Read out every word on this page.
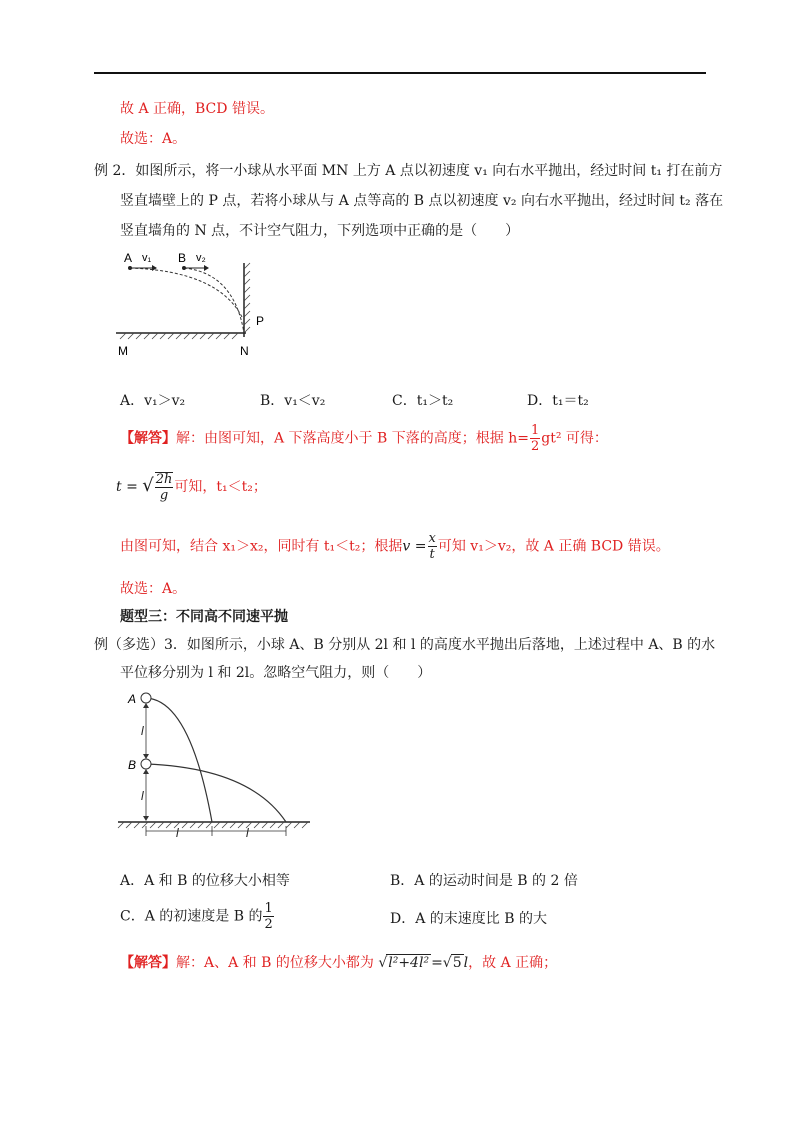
故 A 正确，BCD 错误。
故选：A。
例 2．如图所示，将一小球从水平面 MN 上方 A 点以初速度 v₁ 向右水平抛出，经过时间 t₁ 打在前方
竖直墙壁上的 P 点，若将小球从与 A 点等高的 B 点以初速度 v₂ 向右水平抛出，经过时间 t₂ 落在
竖直墙角的 N 点，不计空气阻力，下列选项中正确的是（　　）
A v₁ B v₂
P
M	N
A．v₁＞v₂	B．v₁＜v₂	C．t₁＞t₂	D．t₁＝t₂
【解答】解：由图可知，A 下落高度小于 B 下落的高度；根据 $h= \frac{1}{2} gt^2$ 可得：
t = √ $\frac{2h}{g}$ 可知，t₁＜t₂；
由图可知，结合 x₁＞x₂，同时有 t₁＜t₂；根据$v = \frac{x}{t}$ 可知 v₁＞v₂，故 A 正确 BCD 错误。
故选：A。
题型三：不同高不同速平抛
例（多选）3．如图所示，小球 A、B 分别从 2l 和 l 的高度水平抛出后落地，上述过程中 A、B 的水
平位移分别为 l 和 2l。忽略空气阻力，则（　　）
A
B
l
l
l	l
A．A 和 B 的位移大小相等	B．A 的运动时间是 B 的 2 倍
C．A 的初速度是 B 的 $\frac{1}{2}$	D．A 的末速度比 B 的大
【解答】解：A、A 和 B 的位移大小都为 √l²+4l² =√5 l，故 A 正确；
